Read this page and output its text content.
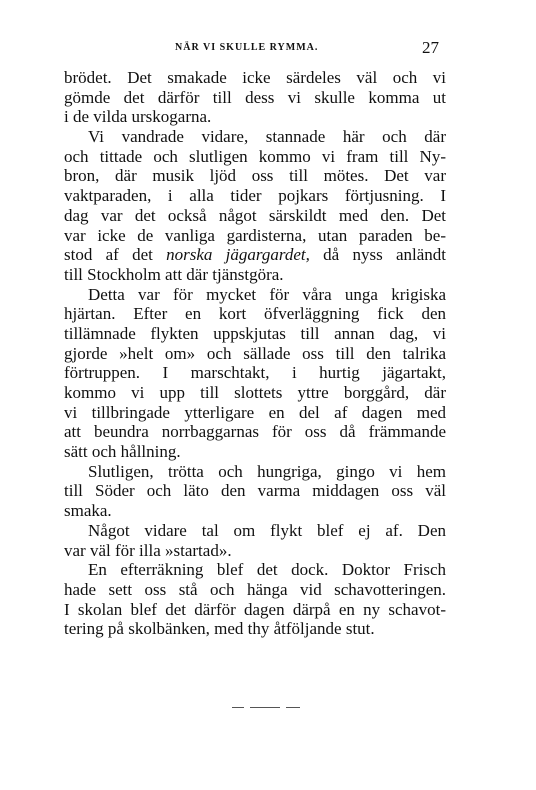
NÄR VI SKULLE RYMMA.	27
brödet. Det smakade icke särdeles väl och vi
gömde det därför till dess vi skulle komma ut
i de vilda urskogarna.
Vi vandrade vidare, stannade här och där
och tittade och slutligen kommo vi fram till Ny-
bron, där musik ljöd oss till mötes. Det var
vaktparaden, i alla tider pojkars förtjusning. I
dag var det också något särskildt med den. Det
var icke de vanliga gardisterna, utan paraden be-
stod af det norska jägargardet, då nyss anländt
till Stockholm att där tjänstgöra.
Detta var för mycket för våra unga krigiska
hjärtan. Efter en kort öfverläggning fick den
tillämnade flykten uppskjutas till annan dag, vi
gjorde »helt om» och sällade oss till den talrika
förtruppen. I marschtakt, i hurtig jägartakt,
kommo vi upp till slottets yttre borggård, där
vi tillbringade ytterligare en del af dagen med
att beundra norrbaggarnas för oss då främmande
sätt och hållning.
Slutligen, trötta och hungriga, gingo vi hem
till Söder och läto den varma middagen oss väl
smaka.
Något vidare tal om flykt blef ej af. Den
var väl för illa »startad».
En efterräkning blef det dock. Doktor Frisch
hade sett oss stå och hänga vid schavotteringen.
I skolan blef det därför dagen därpå en ny schavot-
tering på skolbänken, med thy åtföljande stut.
